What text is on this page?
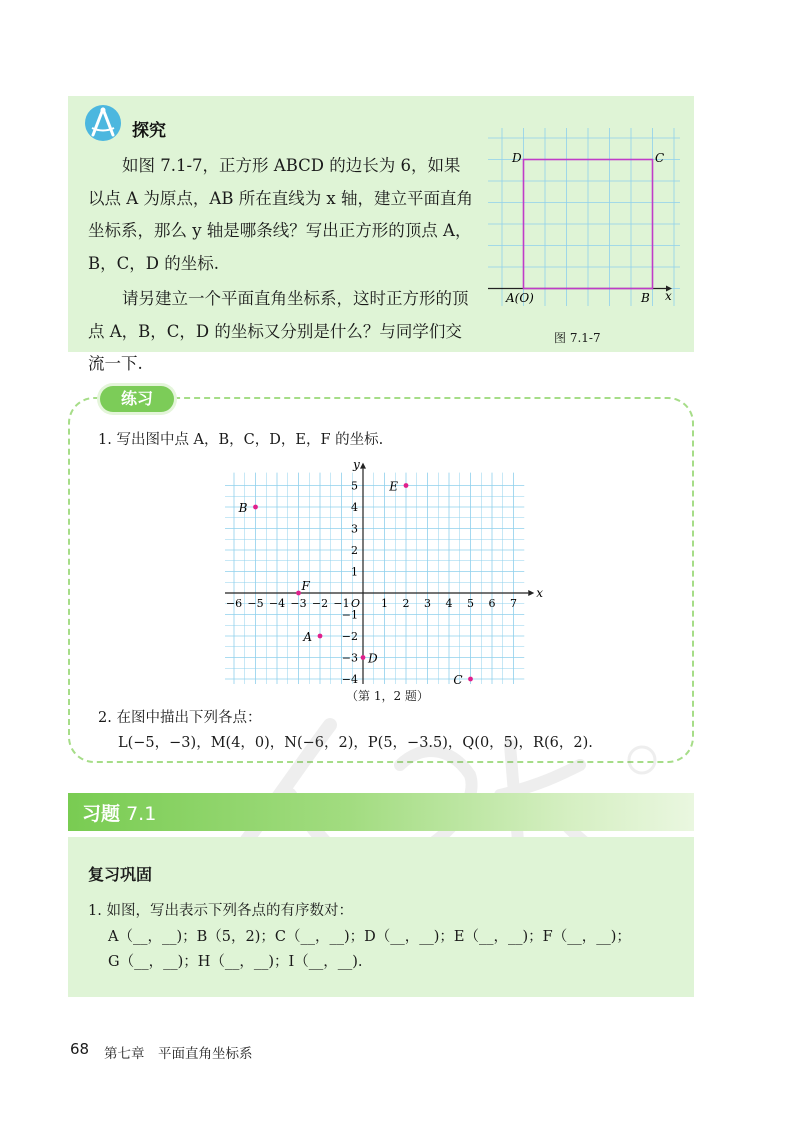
探究

如图 7.1-7，正方形 ABCD 的边长为 6，如果以点 A 为原点，AB 所在直线为 x 轴，建立平面直角坐标系，那么 y 轴是哪条线？写出正方形的顶点 A，B，C，D 的坐标.

请另建立一个平面直角坐标系，这时正方形的顶点 A，B，C，D 的坐标又分别是什么？与同学们交流一下.

D	C
A(O)	B x
图 7.1-7
练习
1. 写出图中点 A，B，C，D，E，F 的坐标.
x
y
O
−6 −5 −4 −3 −2 −1	1 2 3 4 5 6 7
5
4
3
2
1
−1
−2
−3
−4
A
B
C
D
E
F
（第 1，2 题）
2. 在图中描出下列各点：
L(−5，−3)，M(4，0)，N(−6，2)，P(5，−3.5)，Q(0，5)，R(6，2).
习题 7.1
复习巩固
1. 如图，写出表示下列各点的有序数对：
A（__，__)；B（5，2)；C（__，__)；D（__，__)；E（__，__)；F（__，__)；
G（__，__)；H（__，__)；I（__，__).
68 第七章　平面直角坐标系
